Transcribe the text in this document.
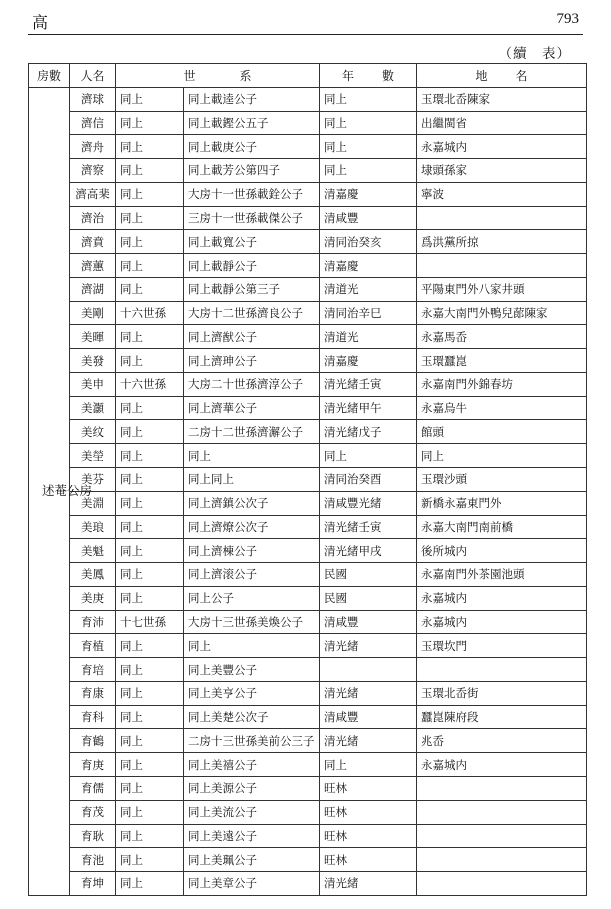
高	793
（續　表）
房數	人名	世　系		年　數	地　名
述菴公房	濟球	同上	同上載逵公子	同上	玉環北岙陳家
	濟信	同上	同上載鏗公五子	同上	出繼閩省
	濟舟	同上	同上載庚公子	同上	永嘉城内
	濟察	同上	同上載芳公第四子	同上	埭頭孫家
	濟高棐	同上	大房十一世孫載銓公子	清嘉慶	寧波
	濟治	同上	三房十一世孫載傑公子	清咸豐	
	濟賁	同上	同上載寬公子	清同治癸亥	爲洪黨所掠
	濟蕙	同上	同上載靜公子	清嘉慶	
	濟湖	同上	同上載靜公第三子	清道光	平陽東門外八家井頭
	美剛	十六世孫	大房十二世孫濟良公子	清同治辛巳	永嘉大南門外鴨兒蓈陳家
	美暉	同上	同上濟猷公子	清道光	永嘉馬岙
	美發	同上	同上濟珅公子	清嘉慶	玉環蠶崑
	美申	十六世孫	大房二十世孫濟淳公子	清光緒壬寅	永嘉南門外錦春坊
	美灝	同上	同上濟華公子	清光緒甲午	永嘉烏牛
	美纹	同上	二房十二世孫濟澥公子	清光緒戊子	館頭
	美塋	同上	同上	同上	同上
	美芬	同上	同上同上	清同治癸酉	玉環沙頭
	美淵	同上	同上濟鎮公次子	清咸豐光緒	新橋永嘉東門外
	美琅	同上	同上濟燎公次子	清光緒壬寅	永嘉大南門南前橋
	美魁	同上	同上濟棟公子	清光緒甲戌	後所城内
	美鳳	同上	同上濟滚公子	民國	永嘉南門外茶園池頭
	美庚	同上	同上公子	民國	永嘉城内
	育沛	十七世孫	大房十三世孫美煥公子	清咸豐	永嘉城内
	育植	同上	同上	清光緒	玉環坎門
	育培	同上	同上美豐公子		
	育康	同上	同上美亨公子	清光緒	玉環北岙街
	育科	同上	同上美楚公次子	清咸豐	蠶崑陳府段
	育鶴	同上	二房十三世孫美前公三子	清光緒	兆岙
	育庚	同上	同上美禧公子	同上	永嘉城内
	育儒	同上	同上美源公子	旺林	
	育茂	同上	同上美流公子	旺林	
	育耿	同上	同上美遠公子	旺林	
	育池	同上	同上美珮公子	旺林	
	育坤	同上	同上美章公子	清光緒	
